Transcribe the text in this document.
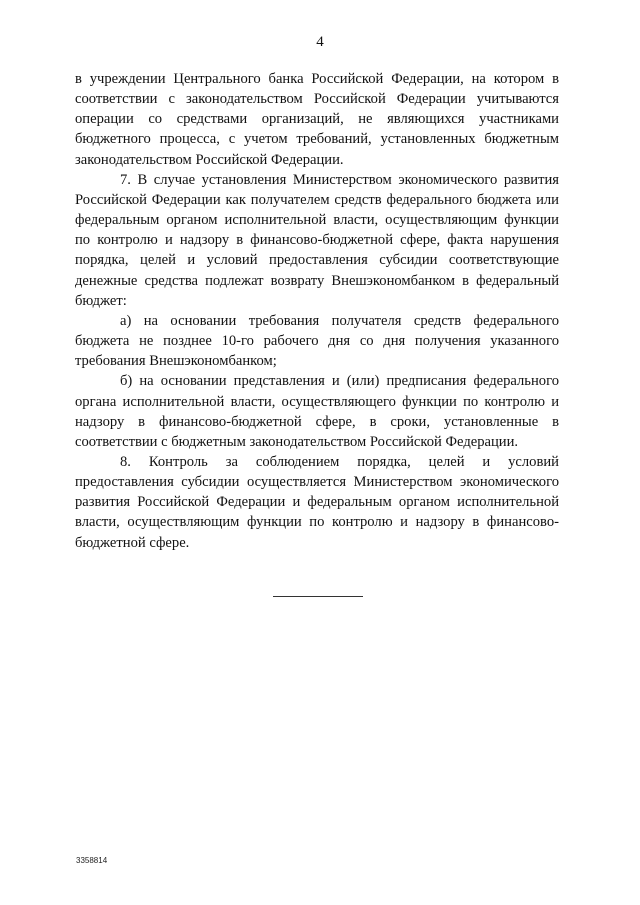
4

в учреждении Центрального банка Российской Федерации, на котором в соответствии с законодательством Российской Федерации учитываются операции со средствами организаций, не являющихся участниками бюджетного процесса, с учетом требований, установленных бюджетным законодательством Российской Федерации.

7. В случае установления Министерством экономического развития Российской Федерации как получателем средств федерального бюджета или федеральным органом исполнительной власти, осуществляющим функции по контролю и надзору в финансово-бюджетной сфере, факта нарушения порядка, целей и условий предоставления субсидии соответствующие денежные средства подлежат возврату Внешэкономбанком в федеральный бюджет:

а) на основании требования получателя средств федерального бюджета не позднее 10-го рабочего дня со дня получения указанного требования Внешэкономбанком;

б) на основании представления и (или) предписания федерального органа исполнительной власти, осуществляющего функции по контролю и надзору в финансово-бюджетной сфере, в сроки, установленные в соответствии с бюджетным законодательством Российской Федерации.

8. Контроль за соблюдением порядка, целей и условий предоставления субсидии осуществляется Министерством экономического развития Российской Федерации и федеральным органом исполнительной власти, осуществляющим функции по контролю и надзору в финансово-бюджетной сфере.

3358814
